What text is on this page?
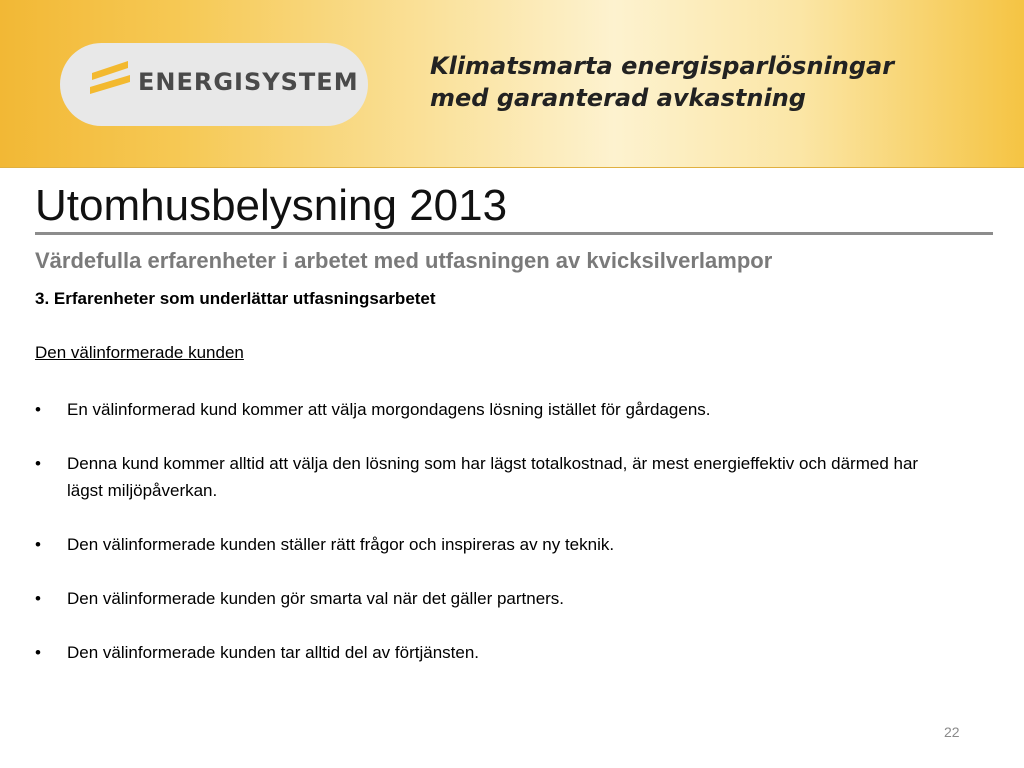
ENERGISYSTEM
Klimatsmarta energisparlösningar
med garanterad avkastning
Utomhusbelysning 2013
Värdefulla erfarenheter i arbetet med utfasningen av kvicksilverlampor
3. Erfarenheter som underlättar utfasningsarbetet
Den välinformerade kunden
• En välinformerad kund kommer att välja morgondagens lösning istället för gårdagens.
• Denna kund kommer alltid att välja den lösning som har lägst totalkostnad, är mest energieffektiv och därmed har lägst miljöpåverkan.
• Den välinformerade kunden ställer rätt frågor och inspireras av ny teknik.
• Den välinformerade kunden gör smarta val när det gäller partners.
• Den välinformerade kunden tar alltid del av förtjänsten.
22
